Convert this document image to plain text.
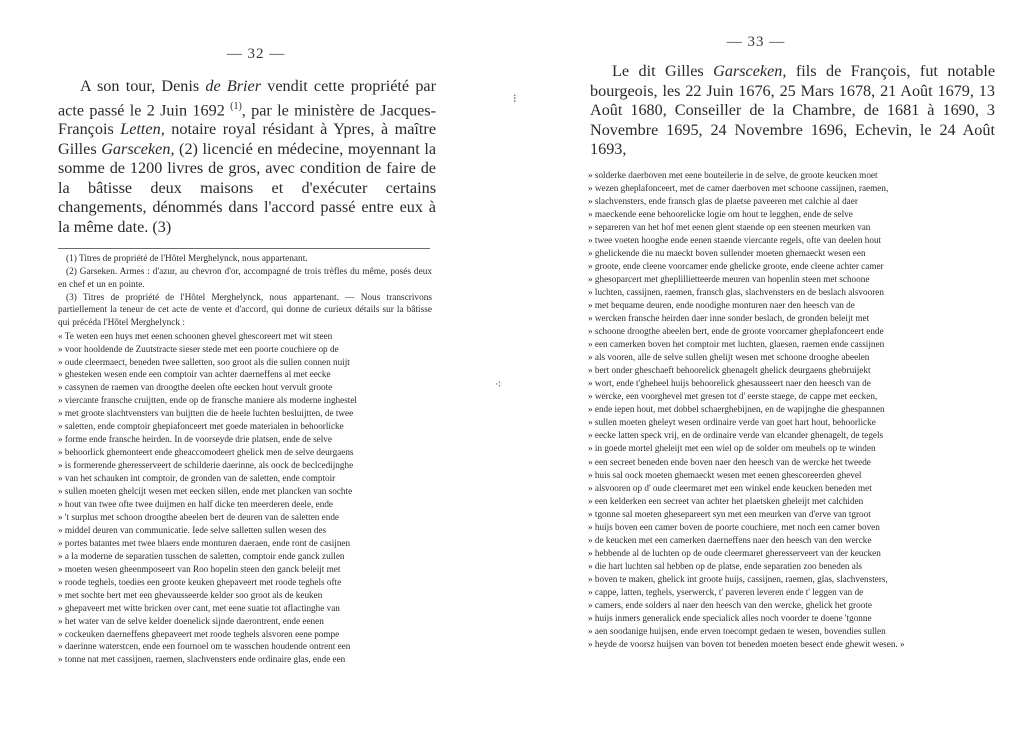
— 32 —

A son tour, Denis de Brier vendit cette propriété par acte passé le 2 Juin 1692 $^{(1)}$, par le ministère de Jacques-François Letten, notaire royal résidant à Ypres, à maître Gilles Garsceken, (2) licencié en médecine, moyennant la somme de 1200 livres de gros, avec condition de faire de la bâtisse deux maisons et d'exécuter certains changements, dénommés dans l'accord passé entre eux à la même date. (3)

(1) Titres de propriété de l'Hôtel Merghelynck, nous appartenant.

(2) Garseken. Armes : d'azur, au chevron d'or, accompagné de trois trèfles du même, posés deux en chef et un en pointe.

(3) Titres de propriété de l'Hôtel Merghelynck, nous appartenant. — Nous transcrivons partiellement la teneur de cet acte de vente et d'accord, qui donne de curieux détails sur la bâtisse qui précéda l'Hôtel Merghelynck :

« Te weten een huys met eenen schoonen ghevel ghescoreert met wit steen
» voor hooldende de Zuutstracte sieser stede met een poorte couchiere op de
» oude cleermaect, beneden twee salletten, soo groot als die sullen connen nuijt
» ghesteken wesen ende een comptoir van achter daerneffens al met eecke
» cassynen de raemen van droogthe deelen ofte eecken hout vervult groote
» viercante fransche cruijtten, ende op de fransche maniere als moderne inghestel
» met groote slachtvensters van buijtten die de heele luchten besluijtten, de twee
» saletten, ende comptoir ghepiafonceert met goede materialen in behoorlicke
» forme ende fransche heirden. In de voorseyde drie platsen, ende de selve
» behoorlick ghemonteert ende gheaccomodeert ghelick men de selve deurgaens
» is formerende gheresserveert de schilderie daerinne, als oock de beclcedijnghe
» van het schauken int comptoir, de gronden van de saletten, ende comptoir
» sullen moeten ghelcijt wesen met eecken sillen, ende met plancken van sochte
» hout van twee ofte twee duijmen en half dicke ten meerderen deele, ende
» 't surplus met schoon droogthe abeelen bert de deuren van de saletten ende
» middel deuren van communicatie. Iede selve salletten sullen wesen des
» portes batantes met twee blaers ende monturen daeraen, ende ront de casijnen
» a la moderne de separatien tusschen de saletten, comptoir ende ganck zullen
» moeten wesen gheenmposeert van Roo hopelin steen den ganck beleijt met
» roode teghels, toedies een groote keuken ghepaveert met roode teghels ofte
» met sochte bert met een ghevausseerde kelder soo groot als de keuken
» ghepaveert met witte bricken over cant, met eene suatie tot aflactinghe van
» het water van de selve kelder doenelick sijnde daerontrent, ende eenen
» cockeuken daerneffens ghepaveert met roode teghels alsvoren eene pompe
» daerinne waterstcen, ende een fournoel om te wasschen houdende ontrent een
» tonne nat met cassijnen, raemen, slachvensters ende ordinaire glas, ende een
⁝
⁖
— 33 —

Le dit Gilles Garsceken, fils de François, fut notable bourgeois, les 22 Juin 1676, 25 Mars 1678, 21 Août 1679, 13 Août 1680, Conseiller de la Chambre, de 1681 à 1690, 3 Novembre 1695, 24 Novembre 1696, Echevin, le 24 Août 1693,

» solderke daerboven met eene bouteilerie in de selve, de groote keucken moet
» wezen gheplafonceert, met de camer daerboven met schoone cassijnen, raemen,
» slachvensters, ende fransch glas de plaetse paveeren met calchie al daer
» maeckende eene behoorelicke logie om hout te legghen, ende de selve
» separeren van het hof met eenen glent staende op een steenen meurken van
» twee voeten hooghe ende eenen staende viercante regels, ofte van deelen hout
» ghelickende die nu maeckt boven sullender moeten ghemaeckt wesen een
» groote, ende cleene voorcamer ende ghelicke groote, ende cleene achter camer
» ghesoparcert met gheplillietteerde meuren van hopenlin steen met schoone
» luchten, cassijnen, raemen, fransch glas, slachvensters en de beslach alsvooren
» met bequame deuren, ende noodighe monturen naer den heesch van de
» wercken fransche heirden daer inne sonder beslach, de gronden beleijt met
» schoone droogthe abeelen bert, ende de groote voorcamer gheplafonceert ende
» een camerken boven het comptoir met luchten, glaesen, raemen ende cassijnen
» als vooren, alle de selve sullen ghelijt wesen met schoone drooghe abeelen
» bert onder gheschaeft behoorelick ghenagelt ghelick deurgaens ghebruijekt
» wort, ende t'gheheel huijs behoorelick ghesausseert naer den heesch van de
» wercke, een voorghevel met gresen tot d' eerste staege, de cappe met eecken,
» ende iepen hout, met dobbel schaerghebijnen, en de wapijnghe die ghespannen
» sullen moeten gheleyt wesen ordinaire verde van goet hart hout, behoorlicke
» eecke latten speck vrij, en de ordinaire verde van elcander ghenagelt, de tegels
» in goede mortel gheleijt met een wiel op de solder om meubels op te winden
» een secreet beneden ende boven naer den heesch van de wercke het tweede
» huis sal oock moeten ghemaeckt wesen met eenen ghescoreerden ghevel
» alsvooren op d' oude cleermaret met een winkel ende keucken beneden met
» een kelderken een secreet van achter het plaetsken gheleijt met calchiden
» tgonne sal moeten ghesepareert syn met een meurken van d'erve van tgroot
» huijs boven een camer boven de poorte couchiere, met noch een camer boven
» de keucken met een camerken daerneffens naer den heesch van den wercke
» hebbende al de luchten op de oude cleermaret gheresserveert van der keucken
» die hart luchten sal hebben op de platse, ende separatien zoo beneden als
» boven te maken, ghelick int groote huijs, cassijnen, raemen, glas, slachvensters,
» cappe, latten, teghels, yserwerck, t' paveren leveren ende t' leggen van de
» camers, ende solders al naer den heesch van den wercke, ghelick het groote
» huijs inmers generalick ende specialick alles noch voorder te doene 'tgonne
» aen soodanige huijsen, ende erven toecompt gedaen te wesen, bovendies sullen
» heyde de voorsz huijsen van boven tot beneden moeten besect ende ghewit wesen. »
